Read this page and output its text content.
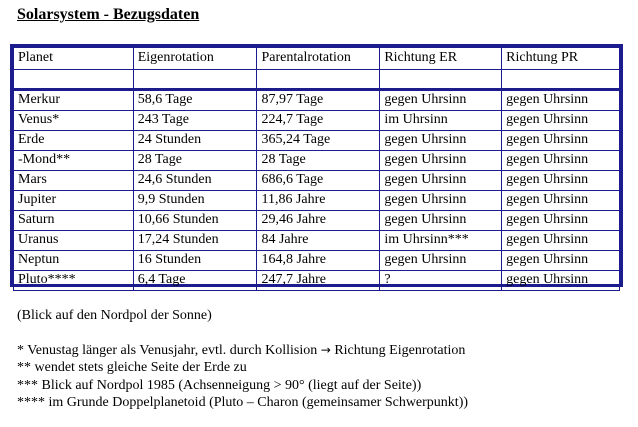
Solarsystem - Bezugsdaten
Planet	Eigenrotation	Parentalrotation	Richtung ER	Richtung PR

Merkur	58,6 Tage	87,97 Tage	gegen Uhrsinn	gegen Uhrsinn
Venus*	243 Tage	224,7 Tage	im Uhrsinn	gegen Uhrsinn
Erde	24 Stunden	365,24 Tage	gegen Uhrsinn	gegen Uhrsinn
-Mond**	28 Tage	28 Tage	gegen Uhrsinn	gegen Uhrsinn
Mars	24,6 Stunden	686,6 Tage	gegen Uhrsinn	gegen Uhrsinn
Jupiter	9,9 Stunden	11,86 Jahre	gegen Uhrsinn	gegen Uhrsinn
Saturn	10,66 Stunden	29,46 Jahre	gegen Uhrsinn	gegen Uhrsinn
Uranus	17,24 Stunden	84 Jahre	im Uhrsinn***	gegen Uhrsinn
Neptun	16 Stunden	164,8 Jahre	gegen Uhrsinn	gegen Uhrsinn
Pluto****	6,4 Tage	247,7 Jahre	?	gegen Uhrsinn
(Blick auf den Nordpol der Sonne)
* Venustag länger als Venusjahr, evtl. durch Kollision → Richtung Eigenrotation
** wendet stets gleiche Seite der Erde zu
*** Blick auf Nordpol 1985 (Achsenneigung > 90° (liegt auf der Seite))
**** im Grunde Doppelplanetoid (Pluto – Charon (gemeinsamer Schwerpunkt))
